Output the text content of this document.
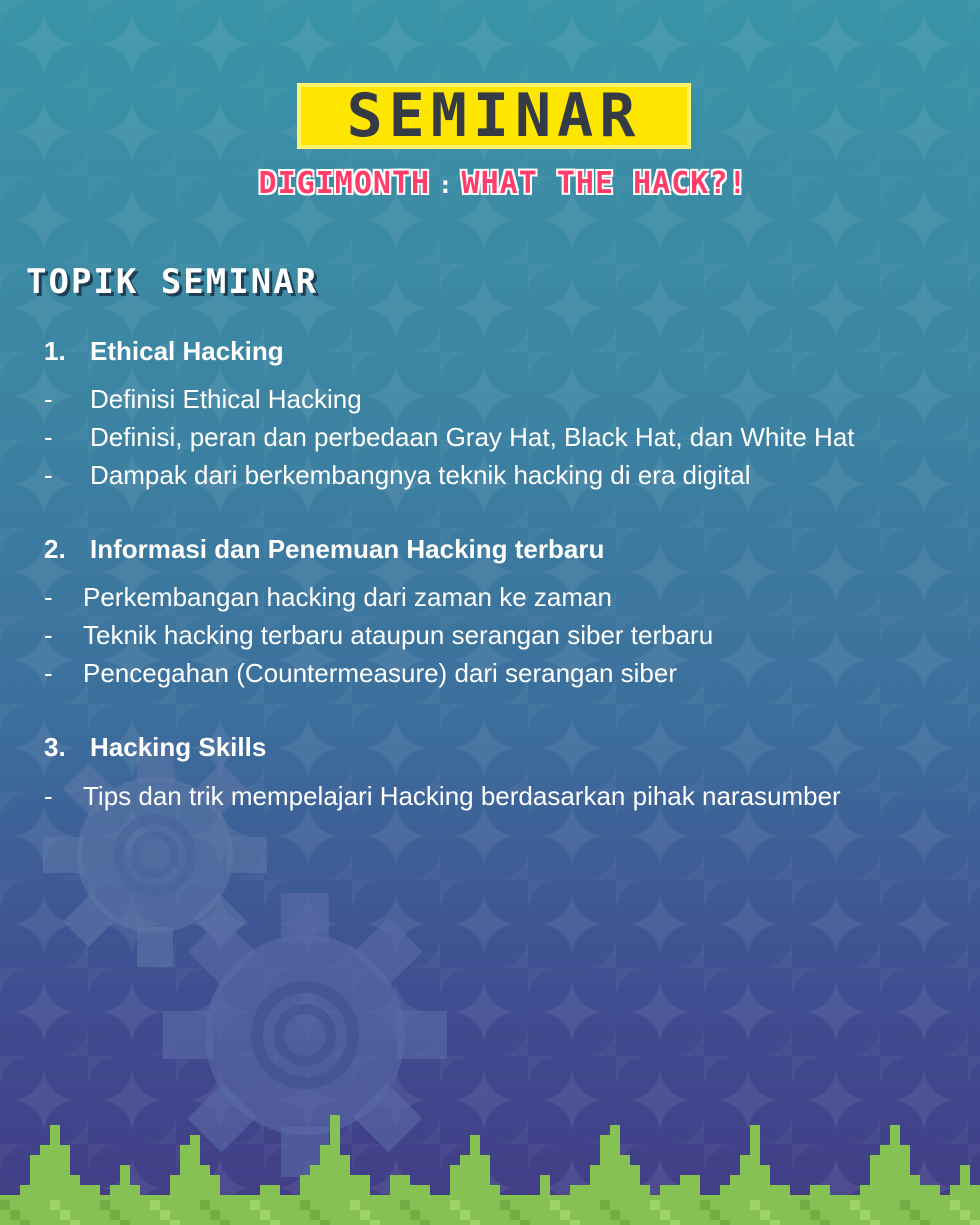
SEMINAR
DIGIMONTH : WHAT THE HACK?!
TOPIK SEMINAR
1. Ethical Hacking
- Definisi Ethical Hacking
- Definisi, peran dan perbedaan Gray Hat, Black Hat, dan White Hat
- Dampak dari berkembangnya teknik hacking di era digital
2. Informasi dan Penemuan Hacking terbaru
- Perkembangan hacking dari zaman ke zaman
- Teknik hacking terbaru ataupun serangan siber terbaru
- Pencegahan (Countermeasure) dari serangan siber
3. Hacking Skills
- Tips dan trik mempelajari Hacking berdasarkan pihak narasumber
